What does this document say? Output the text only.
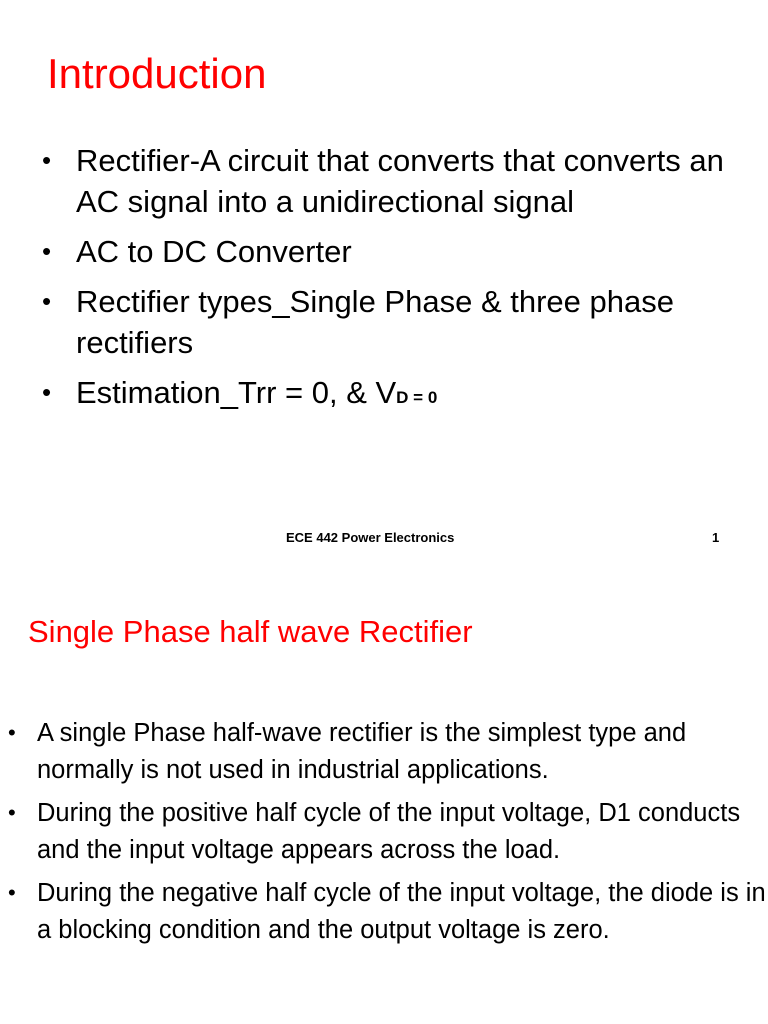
Introduction
• Rectifier-A circuit that converts that converts an AC signal into a unidirectional signal
• AC to DC Converter
• Rectifier types_Single Phase & three phase rectifiers
• Estimation_Trr = 0, & VD = 0
ECE 442 Power Electronics	1
Single Phase half wave Rectifier
• A single Phase half-wave rectifier is the simplest type and normally is not used in industrial applications.
• During the positive half cycle of the input voltage, D1 conducts and the input voltage appears across the load.
• During the negative half cycle of the input voltage, the diode is in a blocking condition and the output voltage is zero.
